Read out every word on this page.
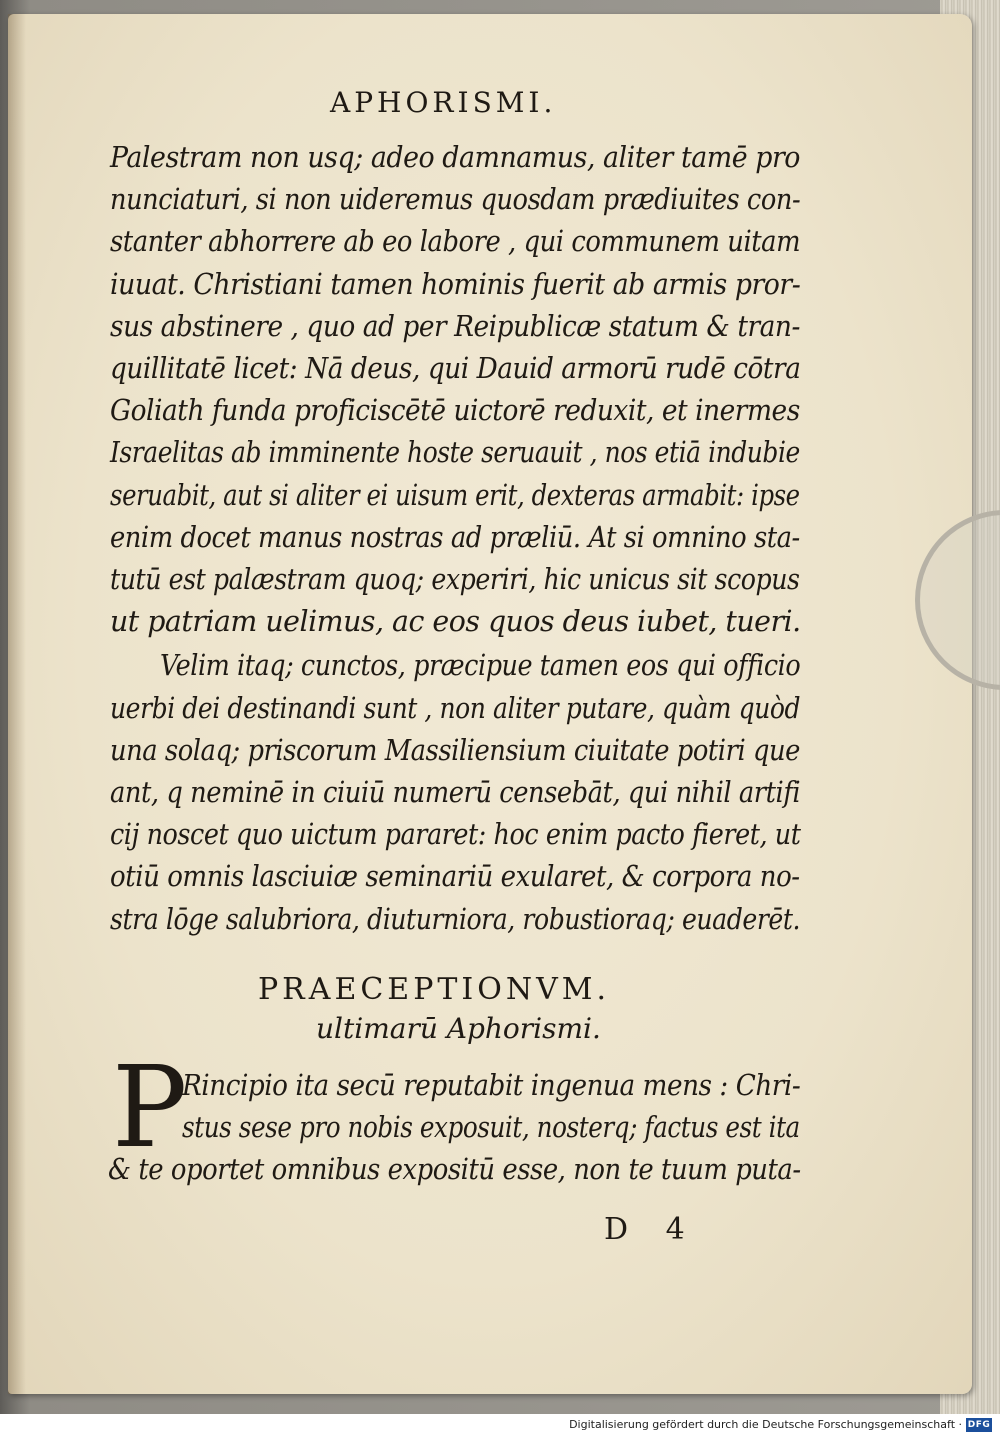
APHORISMI.
Palestram non usq; adeo damnamus, aliter tamē pro
nunciaturi, si non uideremus quosdam prædiuites con-
stanter abhorrere ab eo labore , qui communem uitam
iuuat. Christiani tamen hominis fuerit ab armis pror-
sus abstinere , quo ad per Reipublicæ statum & tran-
quillitatē licet: Nā deus, qui Dauid armorū rudē cōtra
Goliath funda proficiscētē uictorē reduxit, et inermes
Israelitas ab imminente hoste seruauit , nos etiā indubie
seruabit, aut si aliter ei uisum erit, dexteras armabit: ipse
enim docet manus nostras ad præliū. At si omnino sta-
tutū est palæstram quoq; experiri, hic unicus sit scopus
ut patriam uelimus, ac eos quos deus iubet, tueri.
Velim itaq; cunctos, præcipue tamen eos qui officio
uerbi dei destinandi sunt , non aliter putare, quàm quòd
una solaq; priscorum Massiliensium ciuitate potiri que
ant, q neminē in ciuiū numerū censebāt, qui nihil artifi
cij noscet quo uictum pararet: hoc enim pacto fieret, ut
otiū omnis lasciuiæ seminariū exularet, & corpora no-
stra lōge salubriora, diuturniora, robustioraq; euaderēt.
PRAECEPTIONVM.
ultimarū Aphorismi.
P
Rincipio ita secū reputabit ingenua mens : Chri-
stus sese pro nobis exposuit, nosterq; factus est ita
& te oportet omnibus expositū esse, non te tuum puta-
D 4
Digitalisierung gefördert durch die Deutsche Forschungsgemeinschaft · DFG
